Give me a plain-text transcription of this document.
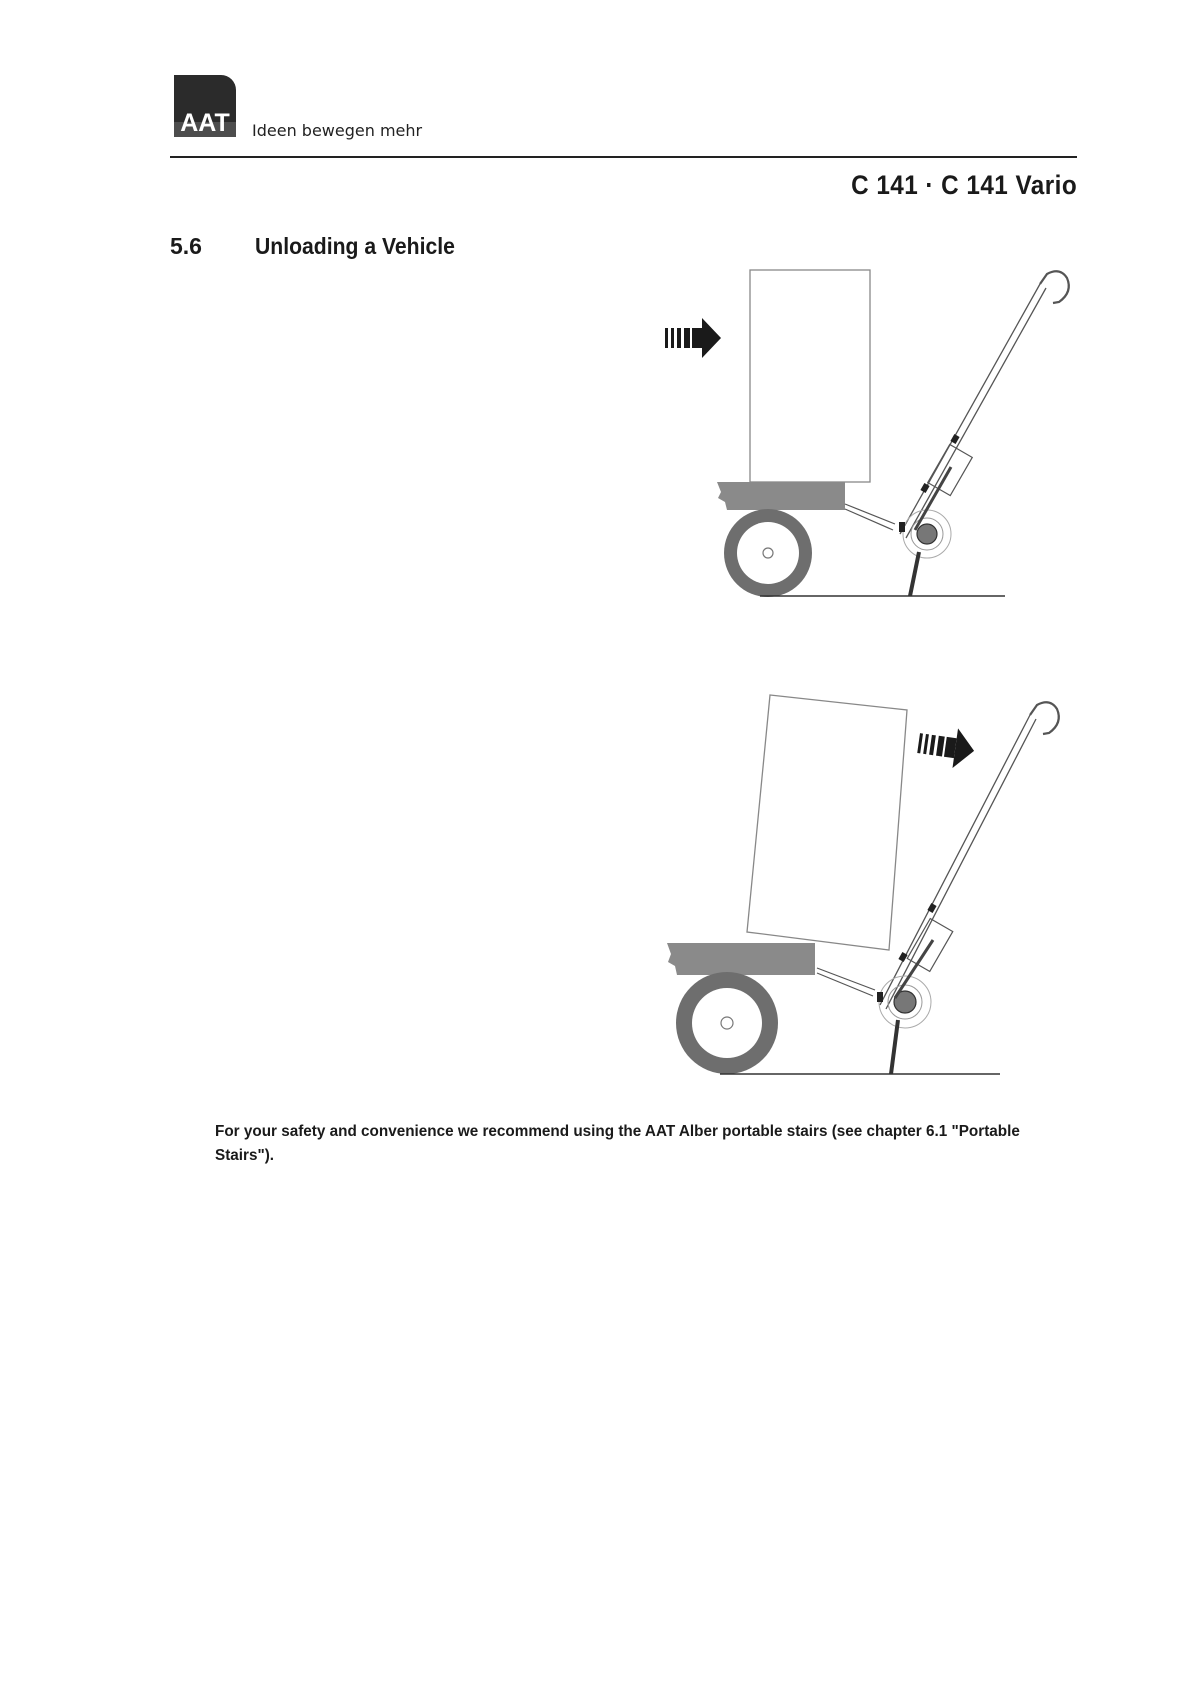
AAT Ideen bewegen mehr
C 141 · C 141 Vario
5.6 Unloading a Vehicle
For your safety and convenience we recommend using the AAT Alber portable stairs (see chapter 6.1 "Portable Stairs").
